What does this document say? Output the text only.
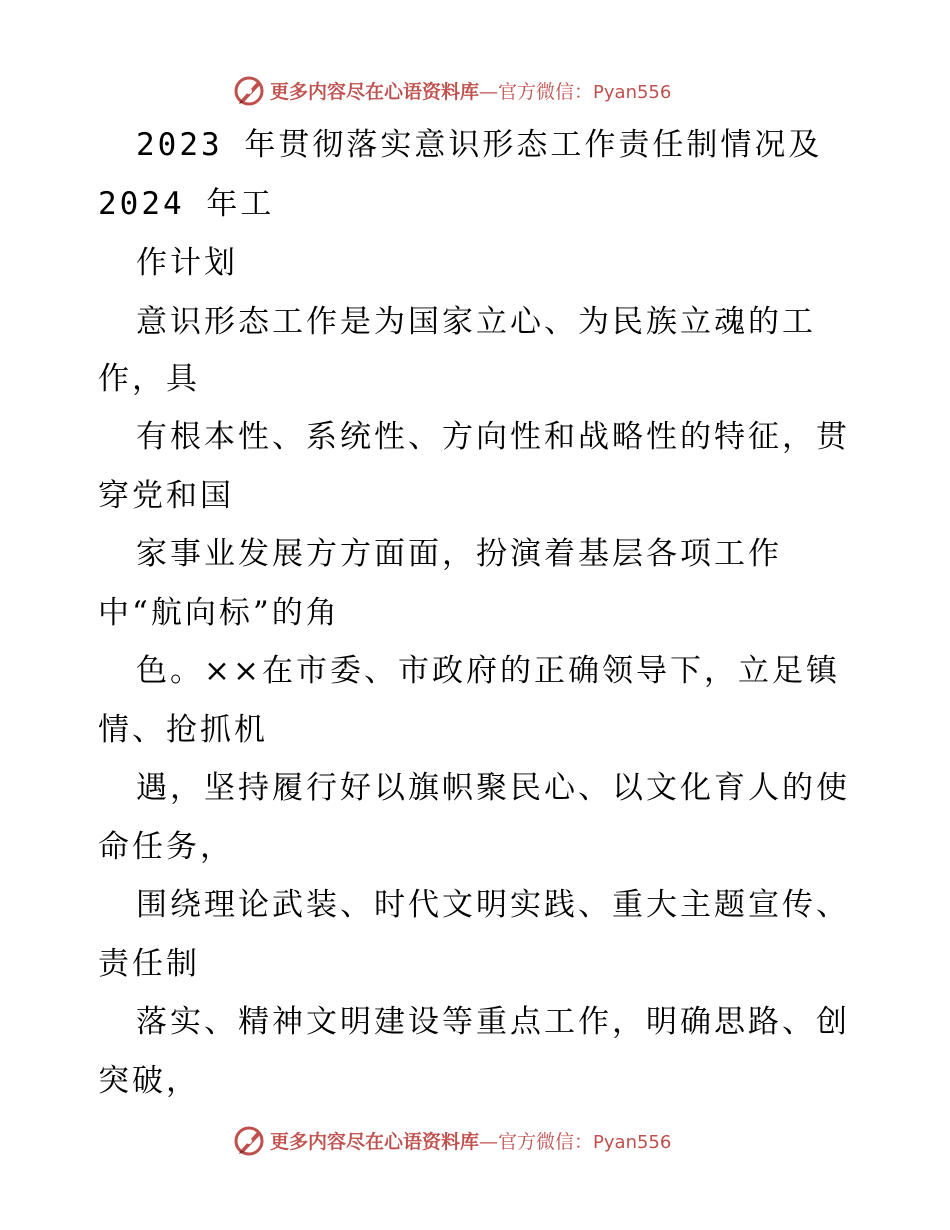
更多内容尽在心语资料库—官方微信：Pyan556
2023 年贯彻落实意识形态工作责任制情况及
2024 年工
作计划
意识形态工作是为国家立心、为民族立魂的工
作，具
有根本性、系统性、方向性和战略性的特征，贯
穿党和国
家事业发展方方面面，扮演着基层各项工作
中“航向标”的角
色。××在市委、市政府的正确领导下，立足镇
情、抢抓机
遇，坚持履行好以旗帜聚民心、以文化育人的使
命任务，
围绕理论武装、时代文明实践、重大主题宣传、
责任制
落实、精神文明建设等重点工作，明确思路、创
突破，
更多内容尽在心语资料库—官方微信：Pyan556
